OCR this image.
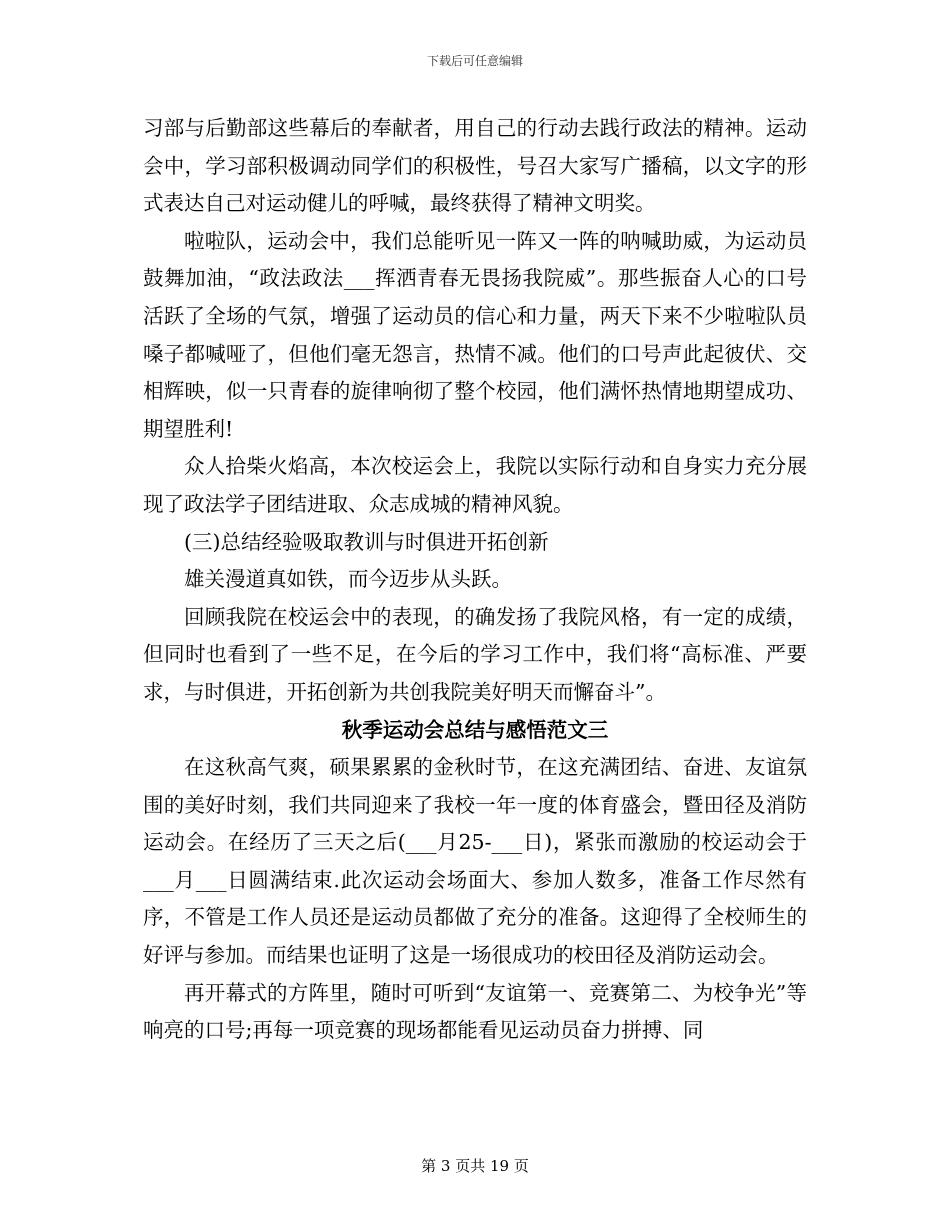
下载后可任意编辑

习部与后勤部这些幕后的奉献者，用自己的行动去践行政法的精神。运动会中，学习部积极调动同学们的积极性，号召大家写广播稿，以文字的形式表达自己对运动健儿的呼喊，最终获得了精神文明奖。

啦啦队，运动会中，我们总能听见一阵又一阵的呐喊助威，为运动员鼓舞加油，“政法政法___挥洒青春无畏扬我院威”。那些振奋人心的口号活跃了全场的气氛，增强了运动员的信心和力量，两天下来不少啦啦队员嗓子都喊哑了，但他们毫无怨言，热情不减。他们的口号声此起彼伏、交相辉映，似一只青春的旋律响彻了整个校园，他们满怀热情地期望成功、期望胜利!

众人拾柴火焰高，本次校运会上，我院以实际行动和自身实力充分展现了政法学子团结进取、众志成城的精神风貌。

(三)总结经验吸取教训与时俱进开拓创新

雄关漫道真如铁，而今迈步从头跃。

回顾我院在校运会中的表现，的确发扬了我院风格，有一定的成绩，但同时也看到了一些不足，在今后的学习工作中，我们将“高标准、严要求，与时俱进，开拓创新为共创我院美好明天而懈奋斗”。

秋季运动会总结与感悟范文三

在这秋高气爽，硕果累累的金秋时节，在这充满团结、奋进、友谊氛围的美好时刻，我们共同迎来了我校一年一度的体育盛会，暨田径及消防运动会。在经历了三天之后(___月25-___日)，紧张而激励的校运动会于___月___日圆满结束.此次运动会场面大、参加人数多，准备工作尽然有序，不管是工作人员还是运动员都做了充分的准备。这迎得了全校师生的好评与参加。而结果也证明了这是一场很成功的校田径及消防运动会。

再开幕式的方阵里，随时可听到“友谊第一、竞赛第二、为校争光”等响亮的口号;再每一项竞赛的现场都能看见运动员奋力拼搏、同

第 3 页共 19 页
